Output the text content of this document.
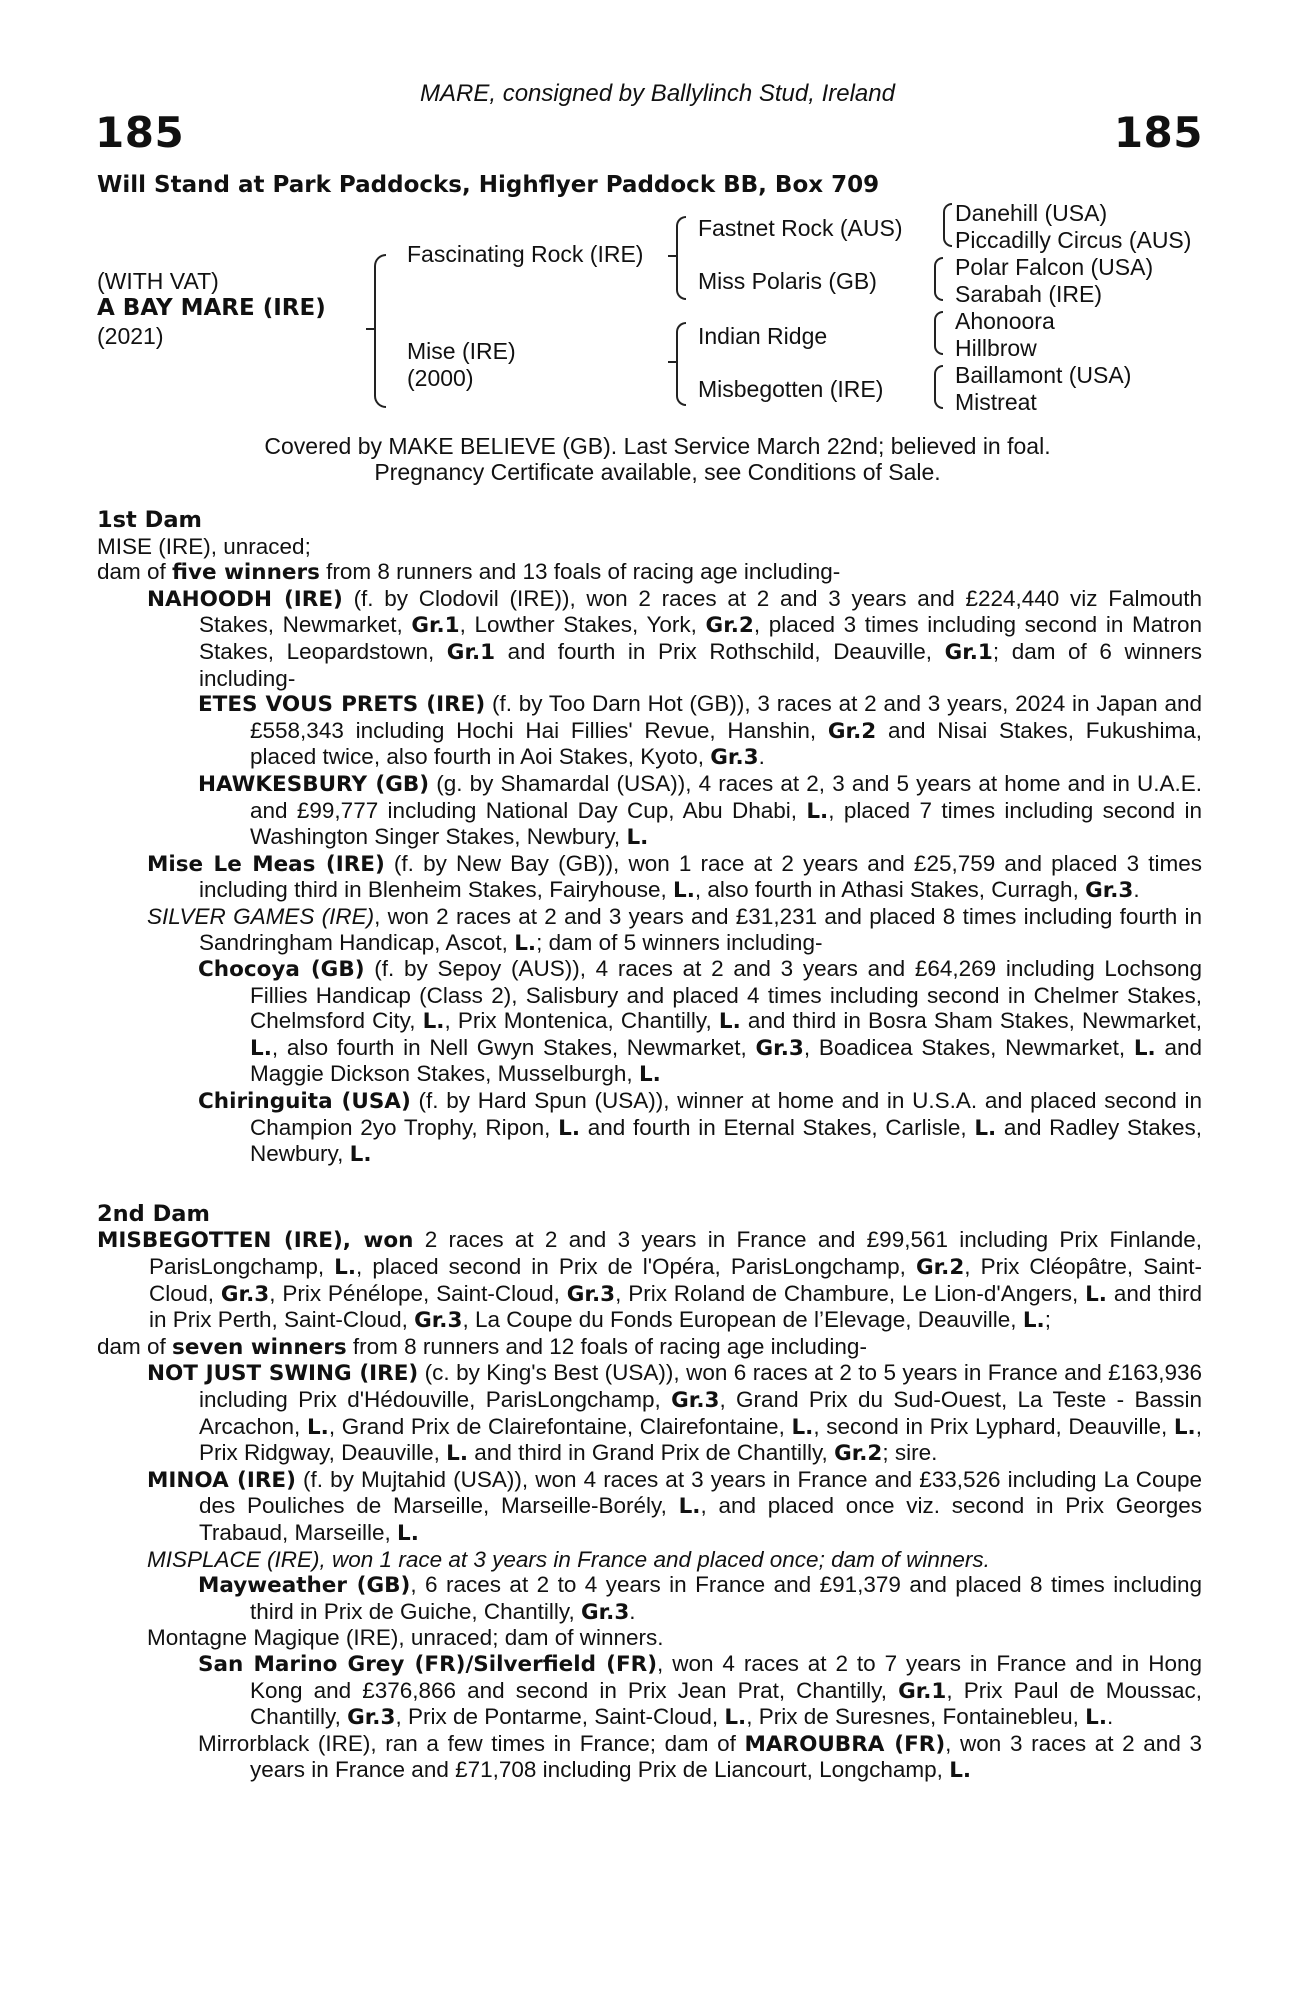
MARE, consigned by Ballylinch Stud, Ireland
185	185
Will Stand at Park Paddocks, Highflyer Paddock BB, Box 709
(WITH VAT)
A BAY MARE (IRE)
(2021)
Fascinating Rock (IRE)
Mise (IRE)
(2000)
Fastnet Rock (AUS)
Miss Polaris (GB)
Indian Ridge
Misbegotten (IRE)
Danehill (USA)
Piccadilly Circus (AUS)
Polar Falcon (USA)
Sarabah (IRE)
Ahonoora
Hillbrow
Baillamont (USA)
Mistreat
Covered by MAKE BELIEVE (GB). Last Service March 22nd; believed in foal.
Pregnancy Certificate available, see Conditions of Sale.
1st Dam
MISE (IRE), unraced;
dam of five winners from 8 runners and 13 foals of racing age including-
NAHOODH (IRE) (f. by Clodovil (IRE)), won 2 races at 2 and 3 years and £224,440 viz Falmouth Stakes, Newmarket, Gr.1, Lowther Stakes, York, Gr.2, placed 3 times including second in Matron Stakes, Leopardstown, Gr.1 and fourth in Prix Rothschild, Deauville, Gr.1; dam of 6 winners including-
ETES VOUS PRETS (IRE) (f. by Too Darn Hot (GB)), 3 races at 2 and 3 years, 2024 in Japan and £558,343 including Hochi Hai Fillies' Revue, Hanshin, Gr.2 and Nisai Stakes, Fukushima, placed twice, also fourth in Aoi Stakes, Kyoto, Gr.3.
HAWKESBURY (GB) (g. by Shamardal (USA)), 4 races at 2, 3 and 5 years at home and in U.A.E. and £99,777 including National Day Cup, Abu Dhabi, L., placed 7 times including second in Washington Singer Stakes, Newbury, L.
Mise Le Meas (IRE) (f. by New Bay (GB)), won 1 race at 2 years and £25,759 and placed 3 times including third in Blenheim Stakes, Fairyhouse, L., also fourth in Athasi Stakes, Curragh, Gr.3.
SILVER GAMES (IRE), won 2 races at 2 and 3 years and £31,231 and placed 8 times including fourth in Sandringham Handicap, Ascot, L.; dam of 5 winners including-
Chocoya (GB) (f. by Sepoy (AUS)), 4 races at 2 and 3 years and £64,269 including Lochsong Fillies Handicap (Class 2), Salisbury and placed 4 times including second in Chelmer Stakes, Chelmsford City, L., Prix Montenica, Chantilly, L. and third in Bosra Sham Stakes, Newmarket, L., also fourth in Nell Gwyn Stakes, Newmarket, Gr.3, Boadicea Stakes, Newmarket, L. and Maggie Dickson Stakes, Musselburgh, L.
Chiringuita (USA) (f. by Hard Spun (USA)), winner at home and in U.S.A. and placed second in Champion 2yo Trophy, Ripon, L. and fourth in Eternal Stakes, Carlisle, L. and Radley Stakes, Newbury, L.
2nd Dam
MISBEGOTTEN (IRE), won 2 races at 2 and 3 years in France and £99,561 including Prix Finlande, ParisLongchamp, L., placed second in Prix de l'Opéra, ParisLongchamp, Gr.2, Prix Cléopâtre, Saint-Cloud, Gr.3, Prix Pénélope, Saint-Cloud, Gr.3, Prix Roland de Chambure, Le Lion-d'Angers, L. and third in Prix Perth, Saint-Cloud, Gr.3, La Coupe du Fonds European de l’Elevage, Deauville, L.;
dam of seven winners from 8 runners and 12 foals of racing age including-
NOT JUST SWING (IRE) (c. by King's Best (USA)), won 6 races at 2 to 5 years in France and £163,936 including Prix d'Hédouville, ParisLongchamp, Gr.3, Grand Prix du Sud-Ouest, La Teste - Bassin Arcachon, L., Grand Prix de Clairefontaine, Clairefontaine, L., second in Prix Lyphard, Deauville, L., Prix Ridgway, Deauville, L. and third in Grand Prix de Chantilly, Gr.2; sire.
MINOA (IRE) (f. by Mujtahid (USA)), won 4 races at 3 years in France and £33,526 including La Coupe des Pouliches de Marseille, Marseille-Borély, L., and placed once viz. second in Prix Georges Trabaud, Marseille, L.
MISPLACE (IRE), won 1 race at 3 years in France and placed once; dam of winners.
Mayweather (GB), 6 races at 2 to 4 years in France and £91,379 and placed 8 times including third in Prix de Guiche, Chantilly, Gr.3.
Montagne Magique (IRE), unraced; dam of winners.
San Marino Grey (FR)/Silverfield (FR), won 4 races at 2 to 7 years in France and in Hong Kong and £376,866 and second in Prix Jean Prat, Chantilly, Gr.1, Prix Paul de Moussac, Chantilly, Gr.3, Prix de Pontarme, Saint-Cloud, L., Prix de Suresnes, Fontainebleu, L..
Mirrorblack (IRE), ran a few times in France; dam of MAROUBRA (FR), won 3 races at 2 and 3 years in France and £71,708 including Prix de Liancourt, Longchamp, L.
